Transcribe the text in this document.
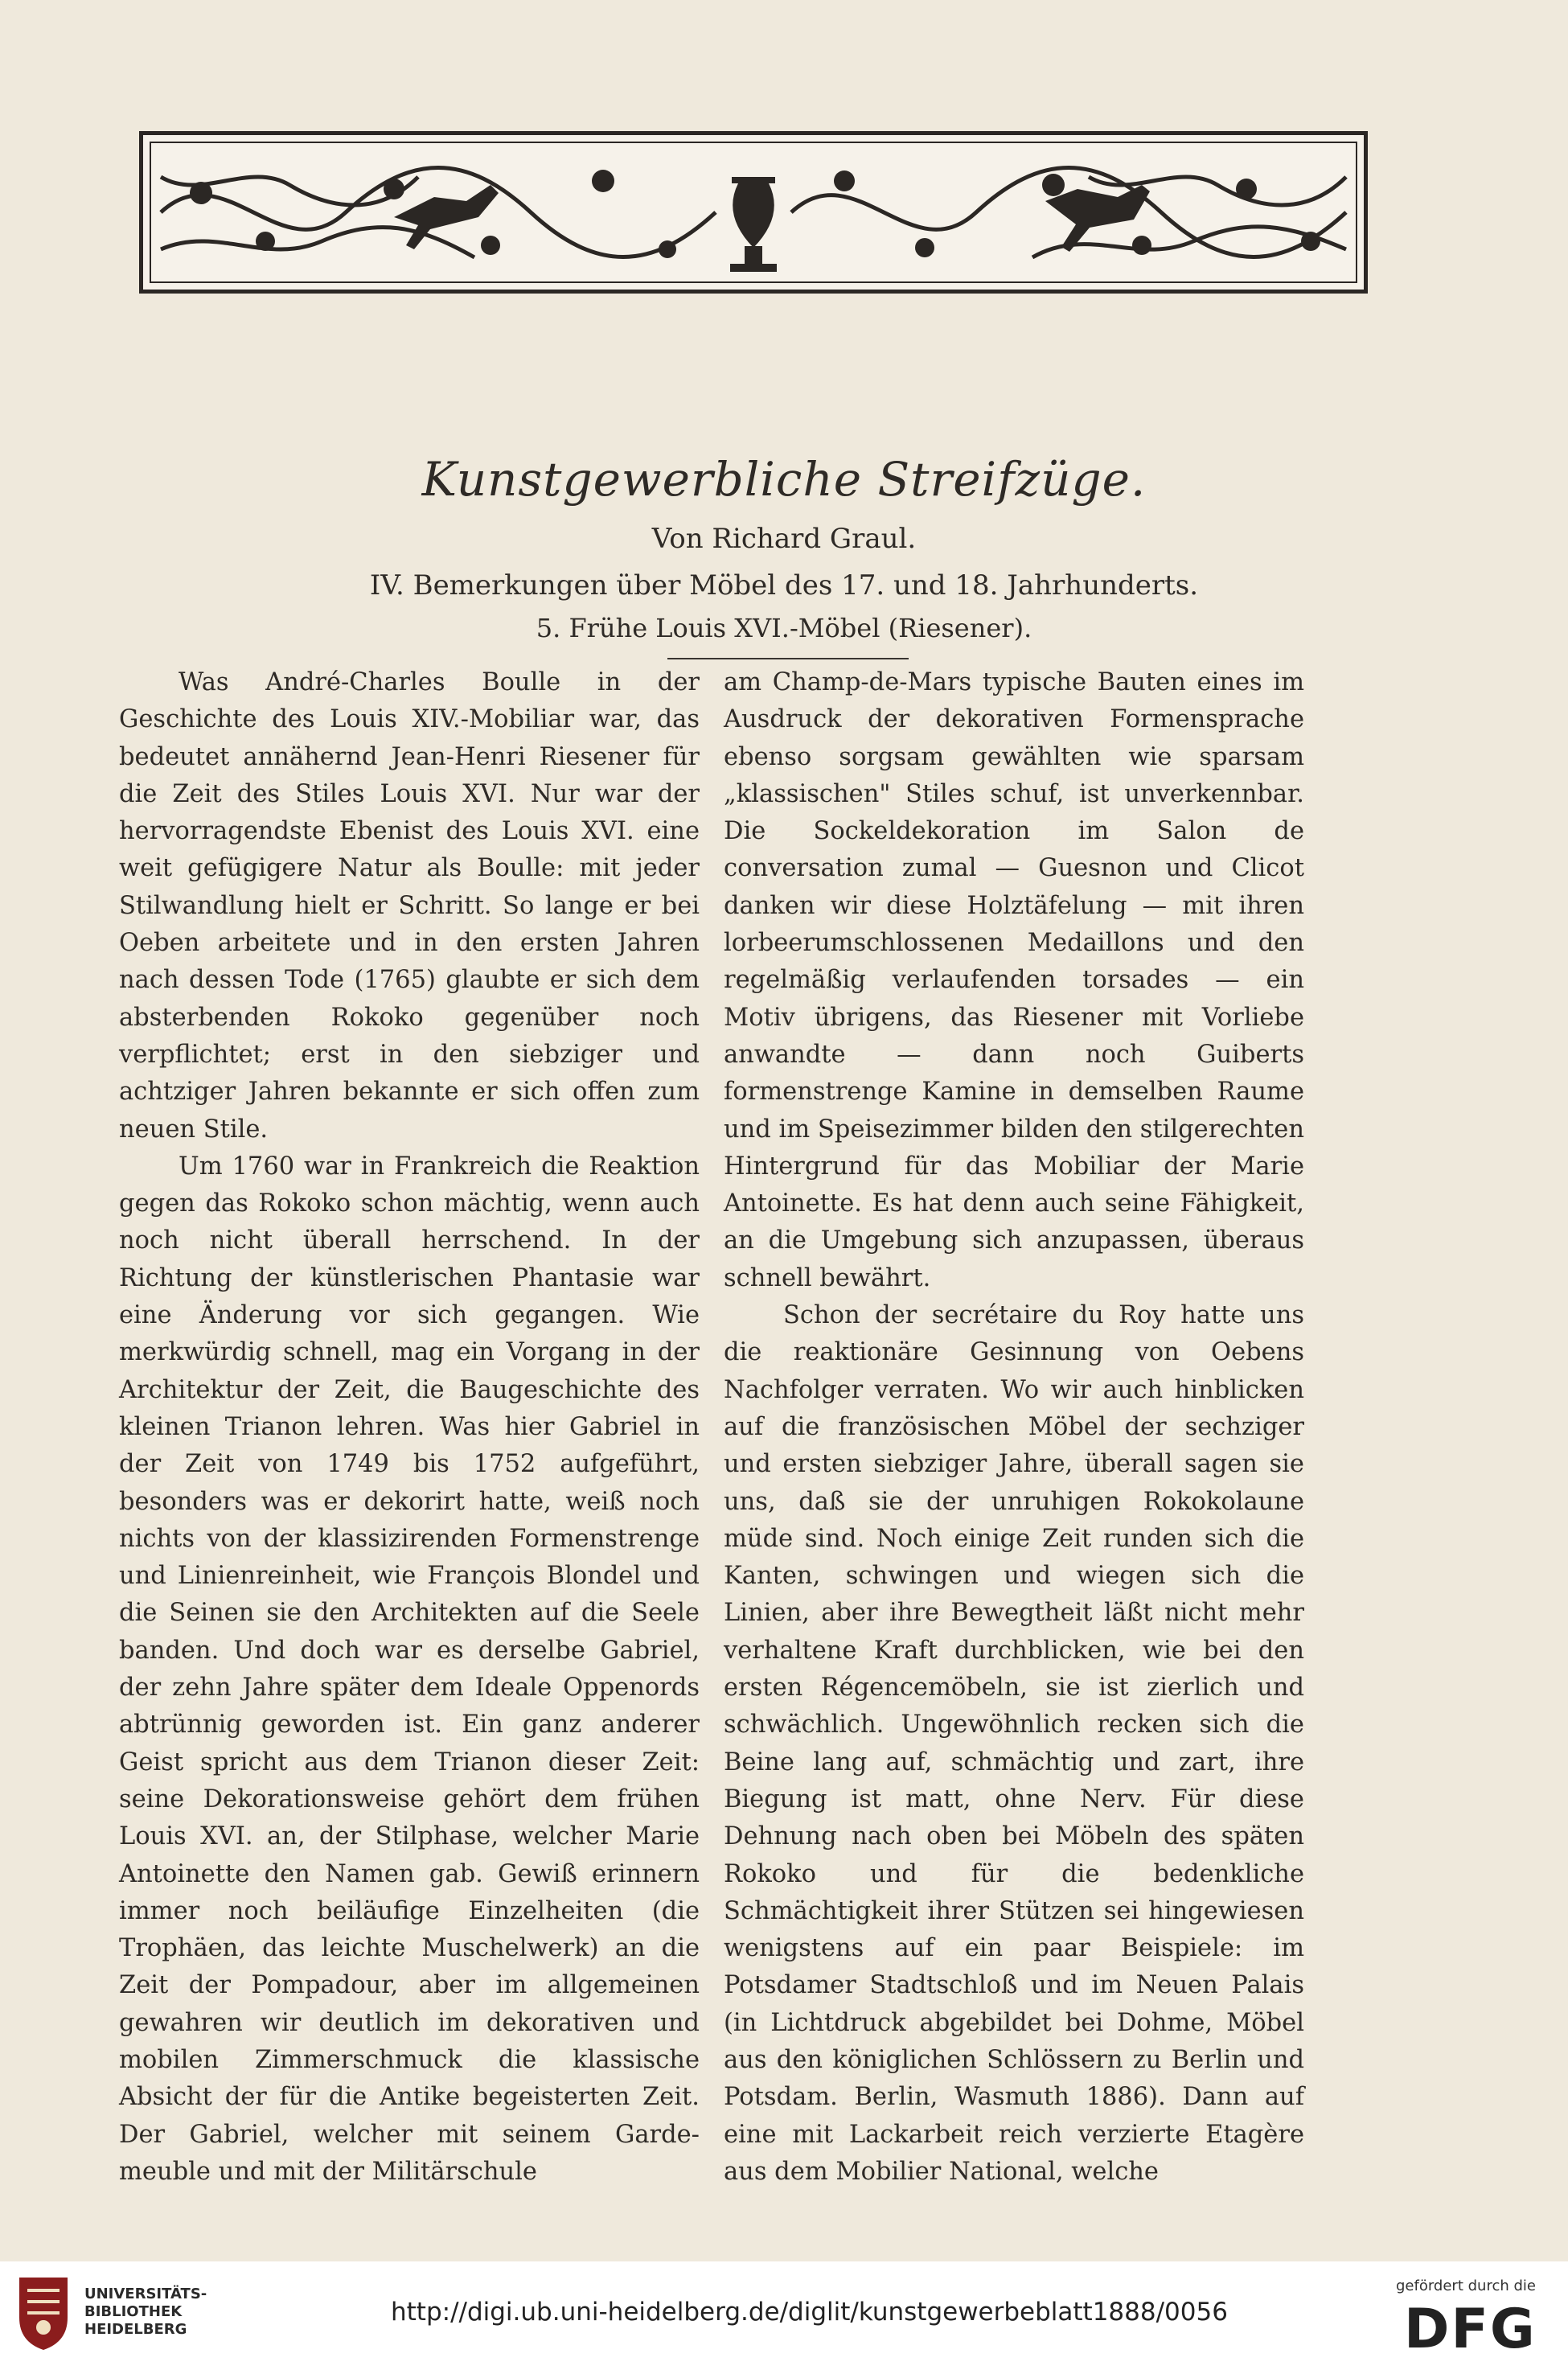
Kunstgewerbliche Streifzüge.
Von Richard Graul.
IV. Bemerkungen über Möbel des 17. und 18. Jahrhunderts.
5. Frühe Louis XVI.-Möbel (Riesener).

Was André-Charles Boulle in der Geschichte des Louis XIV.-Mobiliar war, das bedeutet annähernd Jean-Henri Riesener für die Zeit des Stiles Louis XVI. Nur war der hervorragendste Ebenist des Louis XVI. eine weit gefügigere Natur als Boulle: mit jeder Stilwandlung hielt er Schritt. So lange er bei Oeben arbeitete und in den ersten Jahren nach dessen Tode (1765) glaubte er sich dem absterbenden Rokoko gegenüber noch verpflichtet; erst in den siebziger und achtziger Jahren bekannte er sich offen zum neuen Stile.

Um 1760 war in Frankreich die Reaktion gegen das Rokoko schon mächtig, wenn auch noch nicht überall herrschend. In der Richtung der künstlerischen Phantasie war eine Änderung vor sich gegangen. Wie merkwürdig schnell, mag ein Vorgang in der Architektur der Zeit, die Baugeschichte des kleinen Trianon lehren. Was hier Gabriel in der Zeit von 1749 bis 1752 aufgeführt, besonders was er dekorirt hatte, weiß noch nichts von der klassizirenden Formenstrenge und Linienreinheit, wie François Blondel und die Seinen sie den Architekten auf die Seele banden. Und doch war es derselbe Gabriel, der zehn Jahre später dem Ideale Oppenords abtrünnig geworden ist. Ein ganz anderer Geist spricht aus dem Trianon dieser Zeit: seine Dekorationsweise gehört dem frühen Louis XVI. an, der Stilphase, welcher Marie Antoinette den Namen gab. Gewiß erinnern immer noch beiläufige Einzelheiten (die Trophäen, das leichte Muschelwerk) an die Zeit der Pompadour, aber im allgemeinen gewahren wir deutlich im dekorativen und mobilen Zimmerschmuck die klassische Absicht der für die Antike begeisterten Zeit. Der Gabriel, welcher mit seinem Garde-meuble und mit der Militärschule

am Champ-de-Mars typische Bauten eines im Ausdruck der dekorativen Formensprache ebenso sorgsam gewählten wie sparsam „klassischen" Stiles schuf, ist unverkennbar. Die Sockeldekoration im Salon de conversation zumal — Guesnon und Clicot danken wir diese Holztäfelung — mit ihren lorbeerumschlossenen Medaillons und den regelmäßig verlaufenden torsades — ein Motiv übrigens, das Riesener mit Vorliebe anwandte — dann noch Guiberts formenstrenge Kamine in demselben Raume und im Speisezimmer bilden den stilgerechten Hintergrund für das Mobiliar der Marie Antoinette. Es hat denn auch seine Fähigkeit, an die Umgebung sich anzupassen, überaus schnell bewährt.

Schon der secrétaire du Roy hatte uns die reaktionäre Gesinnung von Oebens Nachfolger verraten. Wo wir auch hinblicken auf die französischen Möbel der sechziger und ersten siebziger Jahre, überall sagen sie uns, daß sie der unruhigen Rokokolaune müde sind. Noch einige Zeit runden sich die Kanten, schwingen und wiegen sich die Linien, aber ihre Bewegtheit läßt nicht mehr verhaltene Kraft durchblicken, wie bei den ersten Régencemöbeln, sie ist zierlich und schwächlich. Ungewöhnlich recken sich die Beine lang auf, schmächtig und zart, ihre Biegung ist matt, ohne Nerv. Für diese Dehnung nach oben bei Möbeln des späten Rokoko und für die bedenkliche Schmächtigkeit ihrer Stützen sei hingewiesen wenigstens auf ein paar Beispiele: im Potsdamer Stadtschloß und im Neuen Palais (in Lichtdruck abgebildet bei Dohme, Möbel aus den königlichen Schlössern zu Berlin und Potsdam. Berlin, Wasmuth 1886). Dann auf eine mit Lackarbeit reich verzierte Etagère aus dem Mobilier National, welche

UNIVERSITÄTS-
BIBLIOTHEK
HEIDELBERG
http://digi.ub.uni-heidelberg.de/diglit/kunstgewerbeblatt1888/0056
gefördert durch die
DFG
